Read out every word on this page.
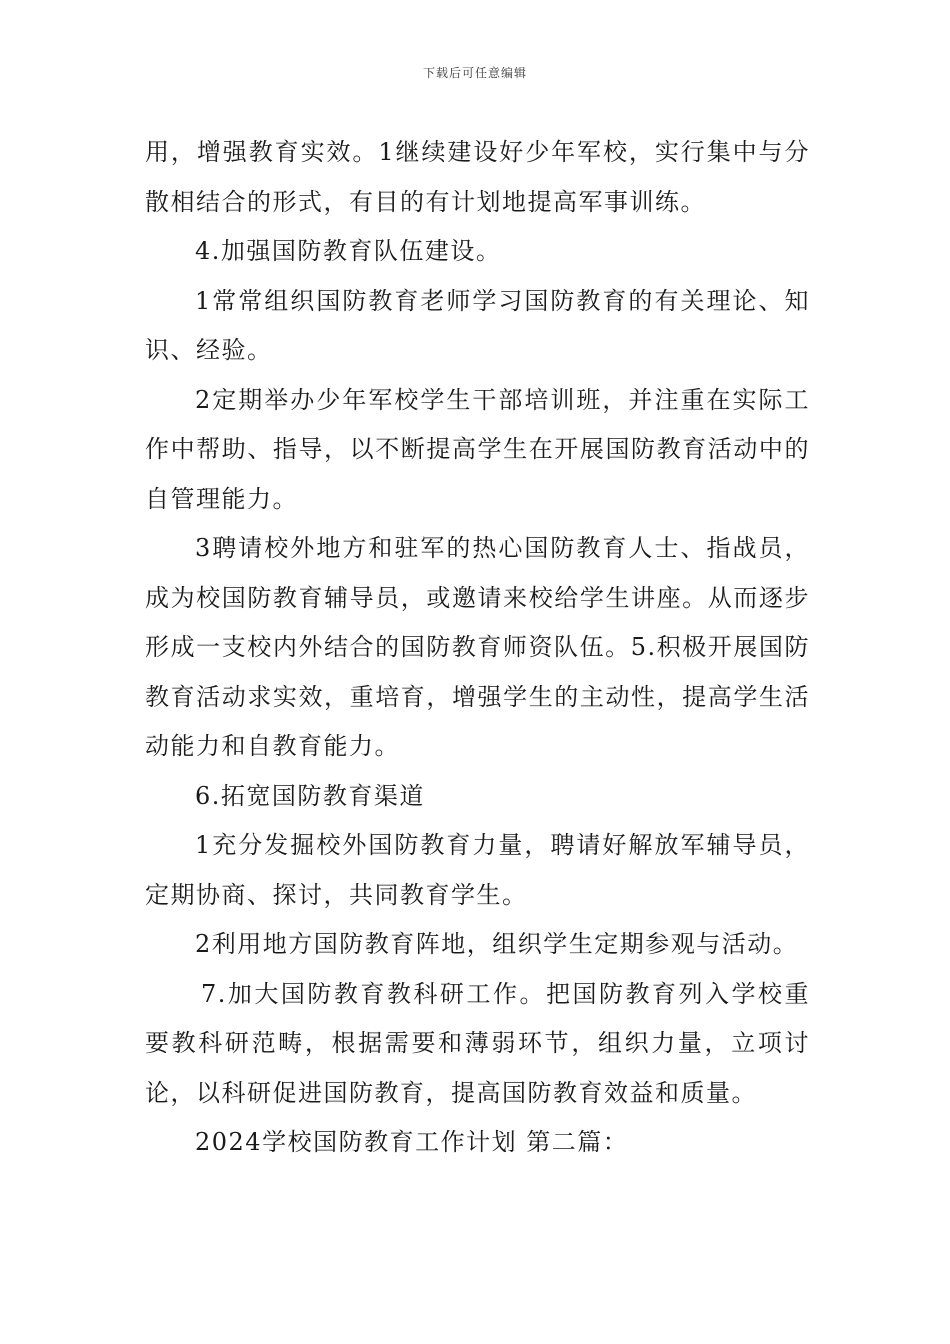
下载后可任意编辑

用，增强教育实效。1继续建设好少年军校，实行集中与分散相结合的形式，有目的有计划地提高军事训练。

4.加强国防教育队伍建设。

1常常组织国防教育老师学习国防教育的有关理论、知识、经验。

2定期举办少年军校学生干部培训班，并注重在实际工作中帮助、指导，以不断提高学生在开展国防教育活动中的自管理能力。

3聘请校外地方和驻军的热心国防教育人士、指战员，成为校国防教育辅导员，或邀请来校给学生讲座。从而逐步形成一支校内外结合的国防教育师资队伍。5.积极开展国防教育活动求实效，重培育，增强学生的主动性，提高学生活动能力和自教育能力。

6.拓宽国防教育渠道

1充分发掘校外国防教育力量，聘请好解放军辅导员，定期协商、探讨，共同教育学生。

2利用地方国防教育阵地，组织学生定期参观与活动。

7.加大国防教育教科研工作。把国防教育列入学校重要教科研范畴，根据需要和薄弱环节，组织力量，立项讨论，以科研促进国防教育，提高国防教育效益和质量。

2024学校国防教育工作计划 第二篇：
